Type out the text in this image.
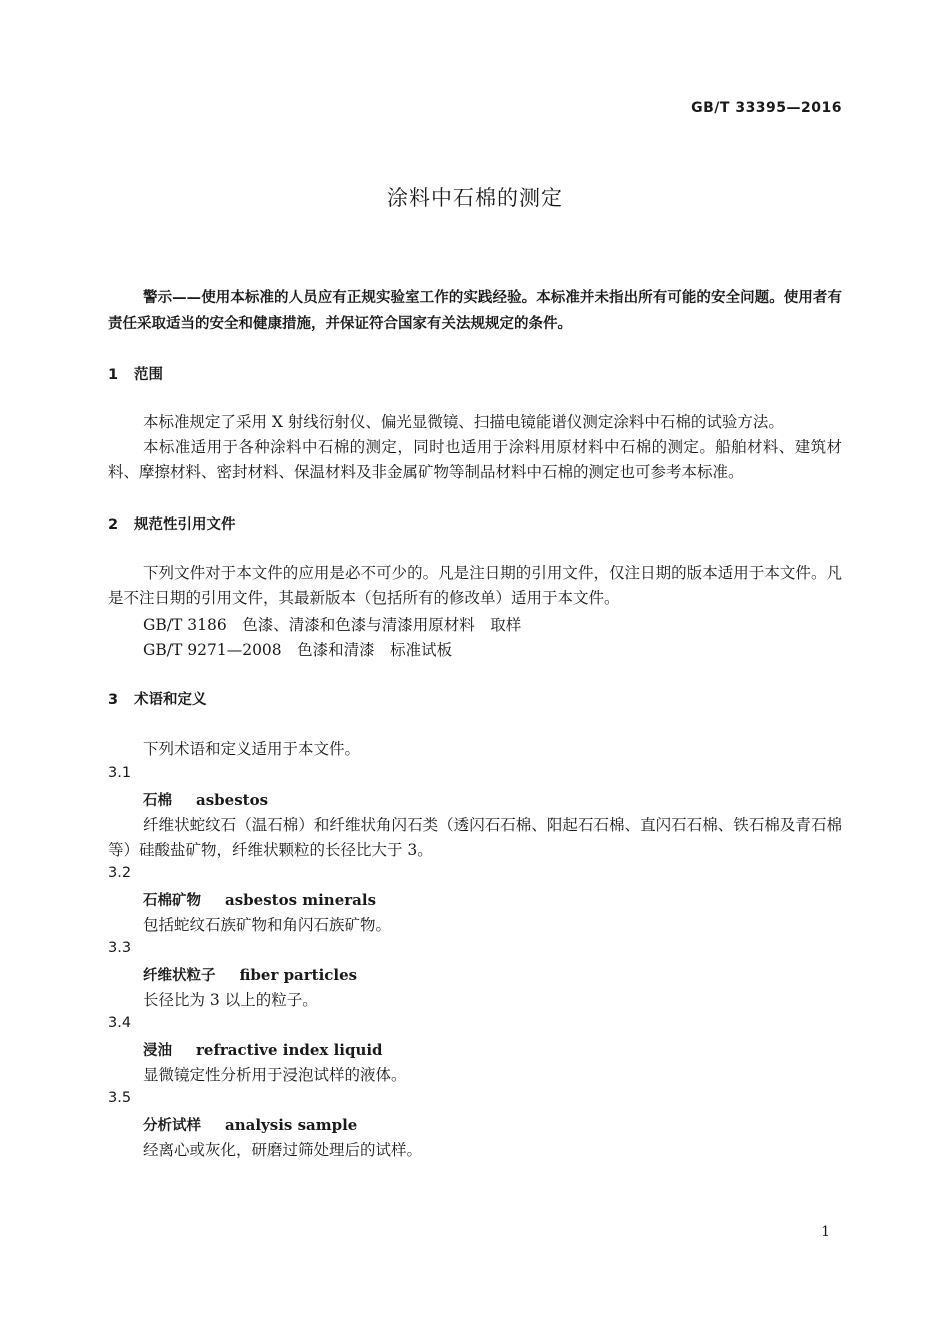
GB/T 33395—2016
涂料中石棉的测定

警示——使用本标准的人员应有正规实验室工作的实践经验。本标准并未指出所有可能的安全问题。使用者有责任采取适当的安全和健康措施，并保证符合国家有关法规规定的条件。

1 范围

本标准规定了采用 X 射线衍射仪、偏光显微镜、扫描电镜能谱仪测定涂料中石棉的试验方法。

本标准适用于各种涂料中石棉的测定，同时也适用于涂料用原材料中石棉的测定。船舶材料、建筑材料、摩擦材料、密封材料、保温材料及非金属矿物等制品材料中石棉的测定也可参考本标准。

2 规范性引用文件

下列文件对于本文件的应用是必不可少的。凡是注日期的引用文件，仅注日期的版本适用于本文件。凡是不注日期的引用文件，其最新版本（包括所有的修改单）适用于本文件。

GB/T 3186　色漆、清漆和色漆与清漆用原材料　取样
GB/T 9271—2008　色漆和清漆　标准试板
3 术语和定义
下列术语和定义适用于本文件。
3.1
石棉 asbestos

纤维状蛇纹石（温石棉）和纤维状角闪石类（透闪石石棉、阳起石石棉、直闪石石棉、铁石棉及青石棉等）硅酸盐矿物，纤维状颗粒的长径比大于 3。

3.2
石棉矿物 asbestos minerals
包括蛇纹石族矿物和角闪石族矿物。
3.3
纤维状粒子 fiber particles
长径比为 3 以上的粒子。
3.4
浸油 refractive index liquid
显微镜定性分析用于浸泡试样的液体。
3.5
分析试样 analysis sample
经离心或灰化，研磨过筛处理后的试样。
1
